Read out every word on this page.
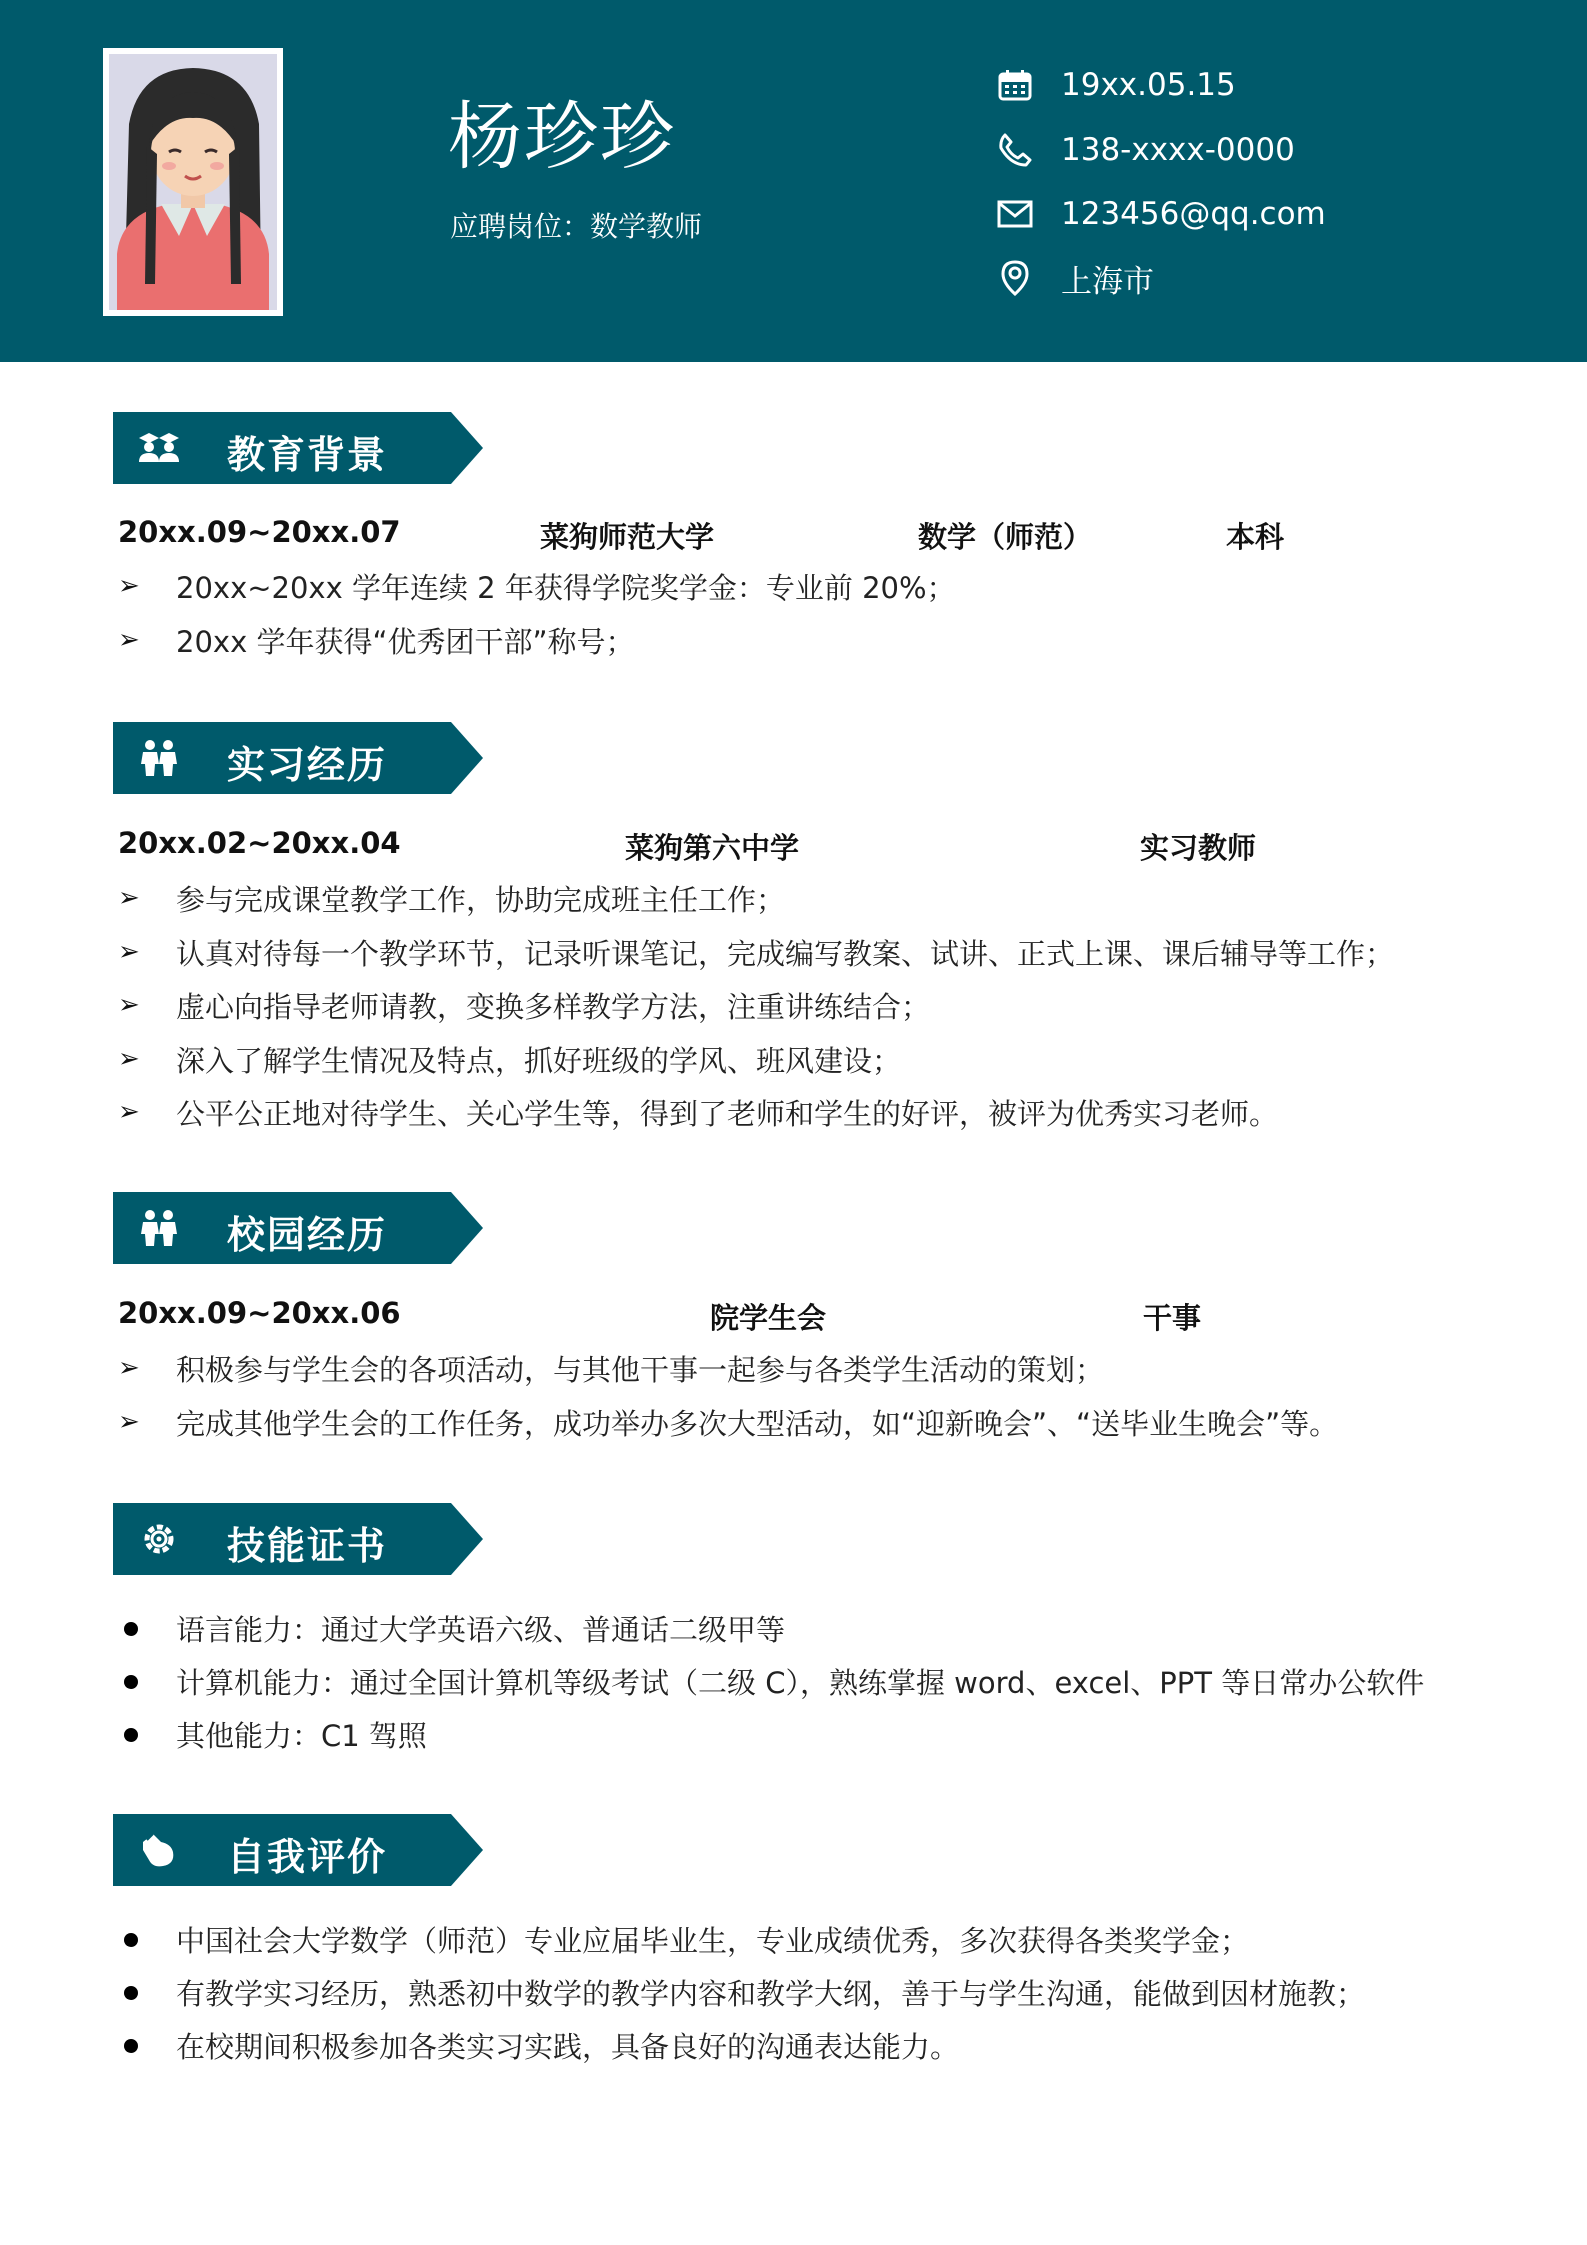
杨珍珍
应聘岗位：数学教师
19xx.05.15
138-xxxx-0000
123456@qq.com
上海市
教育背景
20xx.09~20xx.07	菜狗师范大学	数学（师范）	本科
➢	20xx~20xx 学年连续 2 年获得学院奖学金：专业前 20%；
➢	20xx 学年获得“优秀团干部”称号；
实习经历
20xx.02~20xx.04	菜狗第六中学	实习教师
➢	参与完成课堂教学工作，协助完成班主任工作；
➢	认真对待每一个教学环节，记录听课笔记，完成编写教案、试讲、正式上课、课后辅导等工作；
➢	虚心向指导老师请教，变换多样教学方法，注重讲练结合；
➢	深入了解学生情况及特点，抓好班级的学风、班风建设；
➢	公平公正地对待学生、关心学生等，得到了老师和学生的好评，被评为优秀实习老师。
校园经历
20xx.09~20xx.06	院学生会	干事
➢	积极参与学生会的各项活动，与其他干事一起参与各类学生活动的策划；
➢	完成其他学生会的工作任务，成功举办多次大型活动，如“迎新晚会”、“送毕业生晚会”等。
技能证书
语言能力：通过大学英语六级、普通话二级甲等
计算机能力：通过全国计算机等级考试（二级 C），熟练掌握 word、excel、PPT 等日常办公软件
其他能力：C1 驾照
自我评价
中国社会大学数学（师范）专业应届毕业生，专业成绩优秀，多次获得各类奖学金；
有教学实习经历，熟悉初中数学的教学内容和教学大纲，善于与学生沟通，能做到因材施教；
在校期间积极参加各类实习实践，具备良好的沟通表达能力。
